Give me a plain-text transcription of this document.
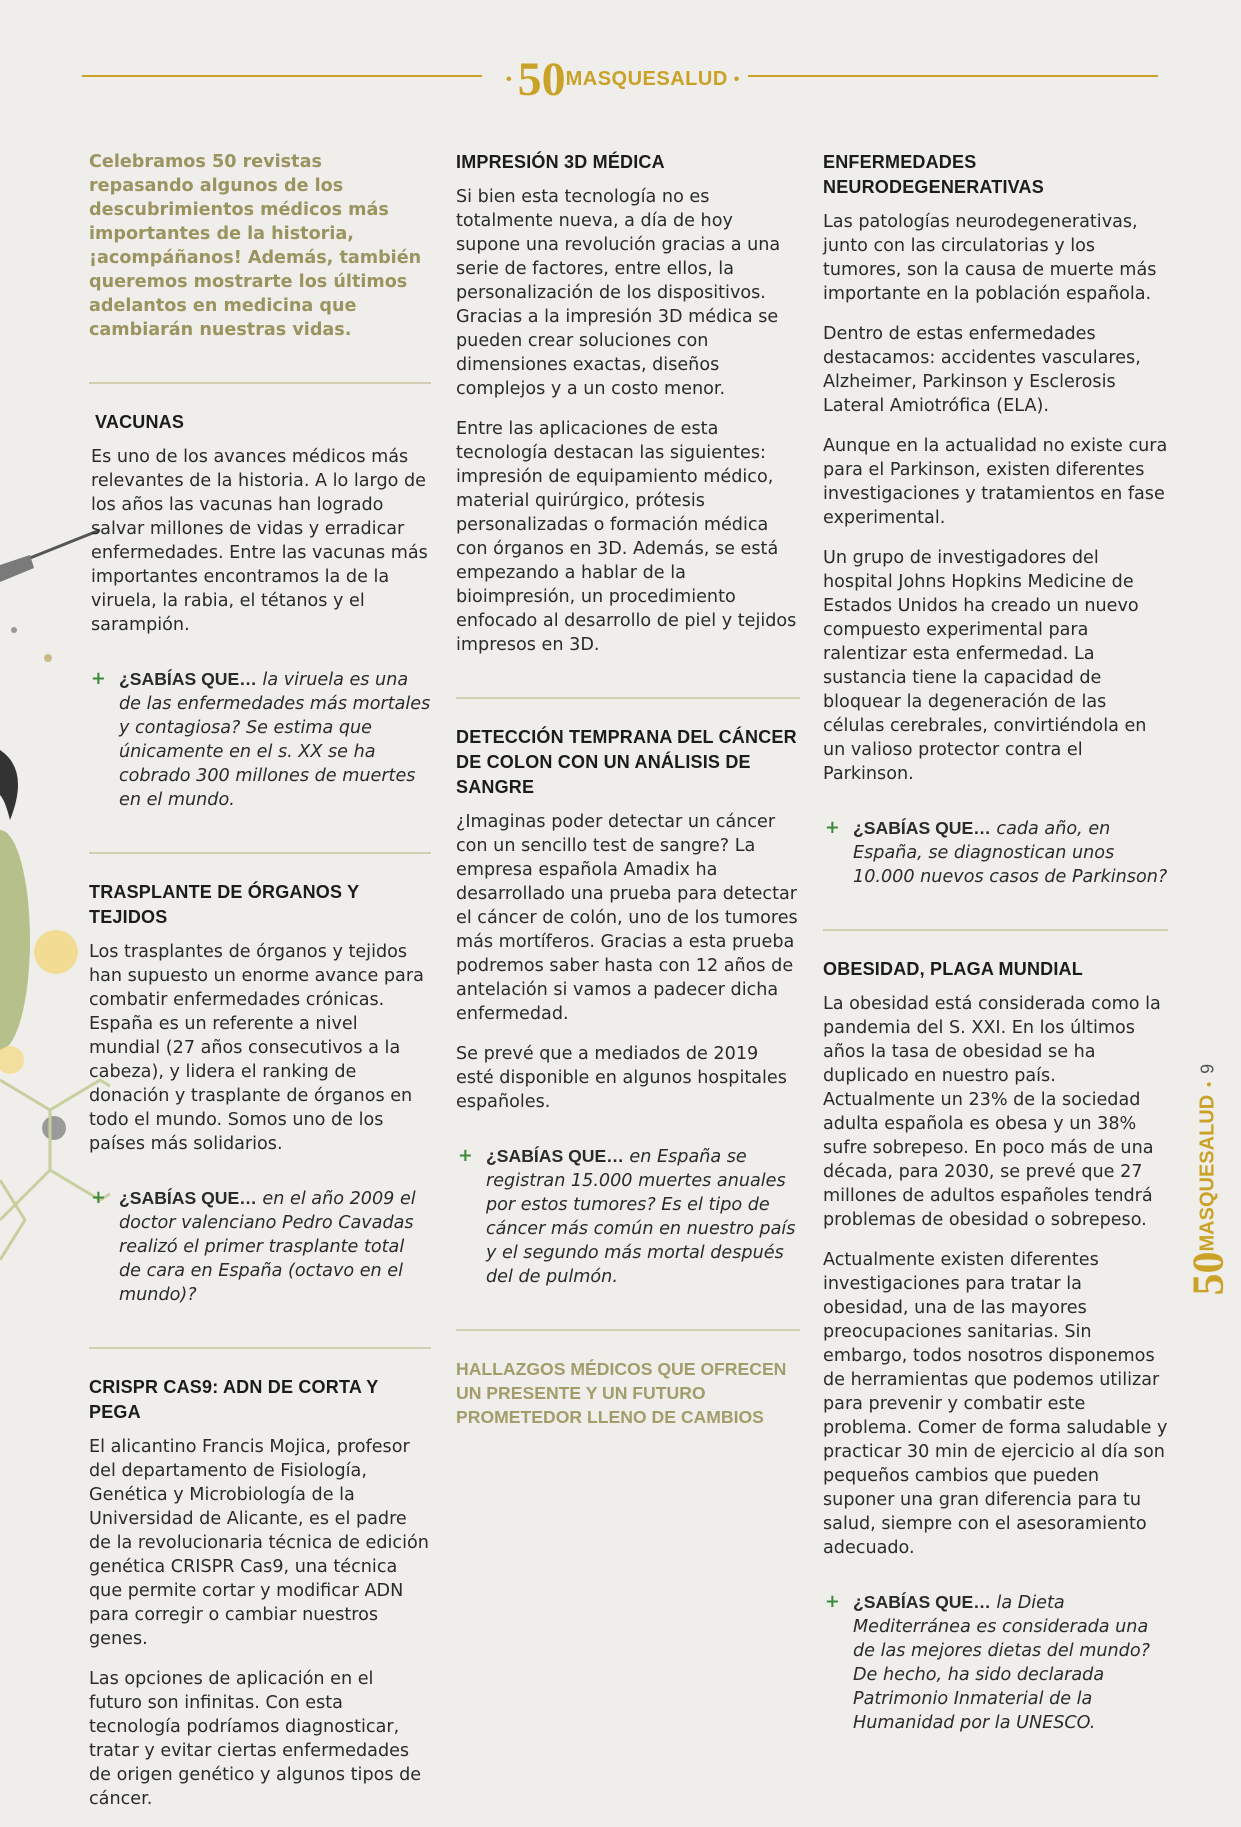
• 50MASQUESALUD •

Celebramos 50 revistas repasando algunos de los descubrimientos médicos más importantes de la historia, ¡acompáñanos! Además, también queremos mostrarte los últimos adelantos en medicina que cambiarán nuestras vidas.

VACUNAS

Es uno de los avances médicos más relevantes de la historia. A lo largo de los años las vacunas han logrado salvar millones de vidas y erradicar enfermedades. Entre las vacunas más importantes encontramos la de la viruela, la rabia, el tétanos y el sarampión.

+ ¿SABÍAS QUE… la viruela es una de las enfermedades más mortales y contagiosa? Se estima que únicamente en el s. XX se ha cobrado 300 millones de muertes en el mundo.
TRASPLANTE DE ÓRGANOS Y TEJIDOS

Los trasplantes de órganos y tejidos han supuesto un enorme avance para combatir enfermedades crónicas. España es un referente a nivel mundial (27 años consecutivos a la cabeza), y lidera el ranking de donación y trasplante de órganos en todo el mundo. Somos uno de los países más solidarios.

+ ¿SABÍAS QUE… en el año 2009 el doctor valenciano Pedro Cavadas realizó el primer trasplante total de cara en España (octavo en el mundo)?
CRISPR CAS9: ADN DE CORTA Y PEGA

El alicantino Francis Mojica, profesor del departamento de Fisiología, Genética y Microbiología de la Universidad de Alicante, es el padre de la revolucionaria técnica de edición genética CRISPR Cas9, una técnica que permite cortar y modificar ADN para corregir o cambiar nuestros genes.

Las opciones de aplicación en el futuro son infinitas. Con esta tecnología podríamos diagnosticar, tratar y evitar ciertas enfermedades de origen genético y algunos tipos de cáncer.

IMPRESIÓN 3D MÉDICA

Si bien esta tecnología no es totalmente nueva, a día de hoy supone una revolución gracias a una serie de factores, entre ellos, la personalización de los dispositivos. Gracias a la impresión 3D médica se pueden crear soluciones con dimensiones exactas, diseños complejos y a un costo menor.

Entre las aplicaciones de esta tecnología destacan las siguientes: impresión de equipamiento médico, material quirúrgico, prótesis personalizadas o formación médica con órganos en 3D. Además, se está empezando a hablar de la bioimpresión, un procedimiento enfocado al desarrollo de piel y tejidos impresos en 3D.

DETECCIÓN TEMPRANA DEL CÁNCER DE COLON CON UN ANÁLISIS DE SANGRE

¿Imaginas poder detectar un cáncer con un sencillo test de sangre? La empresa española Amadix ha desarrollado una prueba para detectar el cáncer de colón, uno de los tumores más mortíferos. Gracias a esta prueba podremos saber hasta con 12 años de antelación si vamos a padecer dicha enfermedad.

Se prevé que a mediados de 2019 esté disponible en algunos hospitales españoles.

+ ¿SABÍAS QUE… en España se registran 15.000 muertes anuales por estos tumores? Es el tipo de cáncer más común en nuestro país y el segundo más mortal después del de pulmón.

HALLAZGOS MÉDICOS QUE OFRECEN UN PRESENTE Y UN FUTURO PROMETEDOR LLENO DE CAMBIOS

ENFERMEDADES NEURODEGENERATIVAS

Las patologías neurodegenerativas, junto con las circulatorias y los tumores, son la causa de muerte más importante en la población española.

Dentro de estas enfermedades destacamos: accidentes vasculares, Alzheimer, Parkinson y Esclerosis Lateral Amiotrófica (ELA).

Aunque en la actualidad no existe cura para el Parkinson, existen diferentes investigaciones y tratamientos en fase experimental.

Un grupo de investigadores del hospital Johns Hopkins Medicine de Estados Unidos ha creado un nuevo compuesto experimental para ralentizar esta enfermedad. La sustancia tiene la capacidad de bloquear la degeneración de las células cerebrales, convirtiéndola en un valioso protector contra el Parkinson.

+ ¿SABÍAS QUE… cada año, en España, se diagnostican unos 10.000 nuevos casos de Parkinson?
OBESIDAD, PLAGA MUNDIAL

La obesidad está considerada como la pandemia del S. XXI. En los últimos años la tasa de obesidad se ha duplicado en nuestro país. Actualmente un 23% de la sociedad adulta española es obesa y un 38% sufre sobrepeso. En poco más de una década, para 2030, se prevé que 27 millones de adultos españoles tendrá problemas de obesidad o sobrepeso.

Actualmente existen diferentes investigaciones para tratar la obesidad, una de las mayores preocupaciones sanitarias. Sin embargo, todos nosotros disponemos de herramientas que podemos utilizar para prevenir y combatir este problema. Comer de forma saludable y practicar 30 min de ejercicio al día son pequeños cambios que pueden suponer una gran diferencia para tu salud, siempre con el asesoramiento adecuado.

+ ¿SABÍAS QUE… la Dieta Mediterránea es considerada una de las mejores dietas del mundo? De hecho, ha sido declarada Patrimonio Inmaterial de la Humanidad por la UNESCO.
50MASQUESALUD•9
